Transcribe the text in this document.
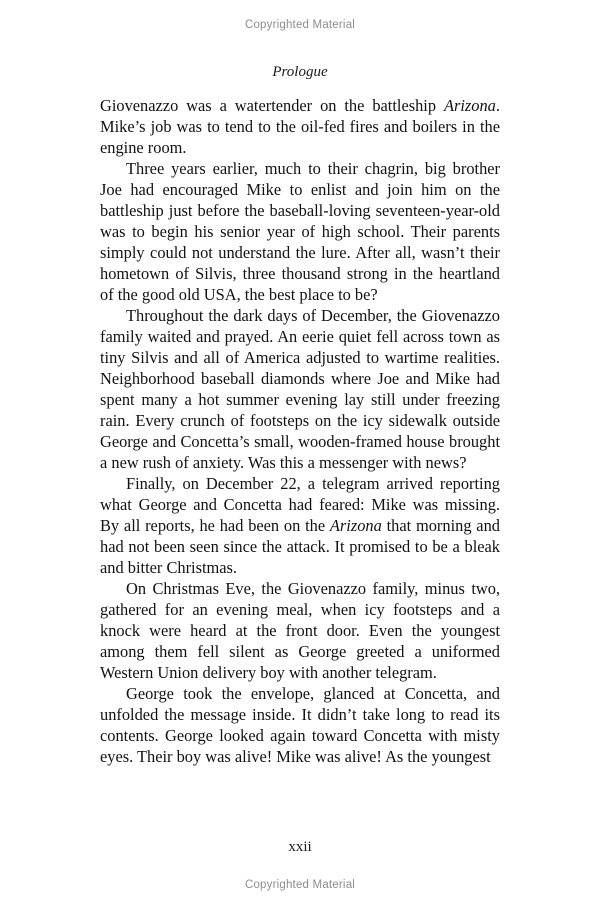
Copyrighted Material
Prologue

Giovenazzo was a watertender on the battleship Arizona. Mike’s job was to tend to the oil-fed fires and boilers in the engine room.

Three years earlier, much to their chagrin, big brother Joe had encouraged Mike to enlist and join him on the battleship just before the baseball-loving seventeen-year-old was to begin his senior year of high school. Their parents simply could not understand the lure. After all, wasn’t their hometown of Silvis, three thousand strong in the heartland of the good old USA, the best place to be?

Throughout the dark days of December, the Giovenazzo family waited and prayed. An eerie quiet fell across town as tiny Silvis and all of America adjusted to wartime realities. Neighborhood baseball diamonds where Joe and Mike had spent many a hot summer evening lay still under freezing rain. Every crunch of footsteps on the icy sidewalk outside George and Concetta’s small, wooden-framed house brought a new rush of anxiety. Was this a messenger with news?

Finally, on December 22, a telegram arrived reporting what George and Concetta had feared: Mike was missing. By all reports, he had been on the Arizona that morning and had not been seen since the attack. It promised to be a bleak and bitter Christmas.

On Christmas Eve, the Giovenazzo family, minus two, gathered for an evening meal, when icy footsteps and a knock were heard at the front door. Even the youngest among them fell silent as George greeted a uniformed Western Union delivery boy with another telegram.

George took the envelope, glanced at Concetta, and unfolded the message inside. It didn’t take long to read its contents. George looked again toward Concetta with misty eyes. Their boy was alive! Mike was alive! As the youngest

xxii
Copyrighted Material
